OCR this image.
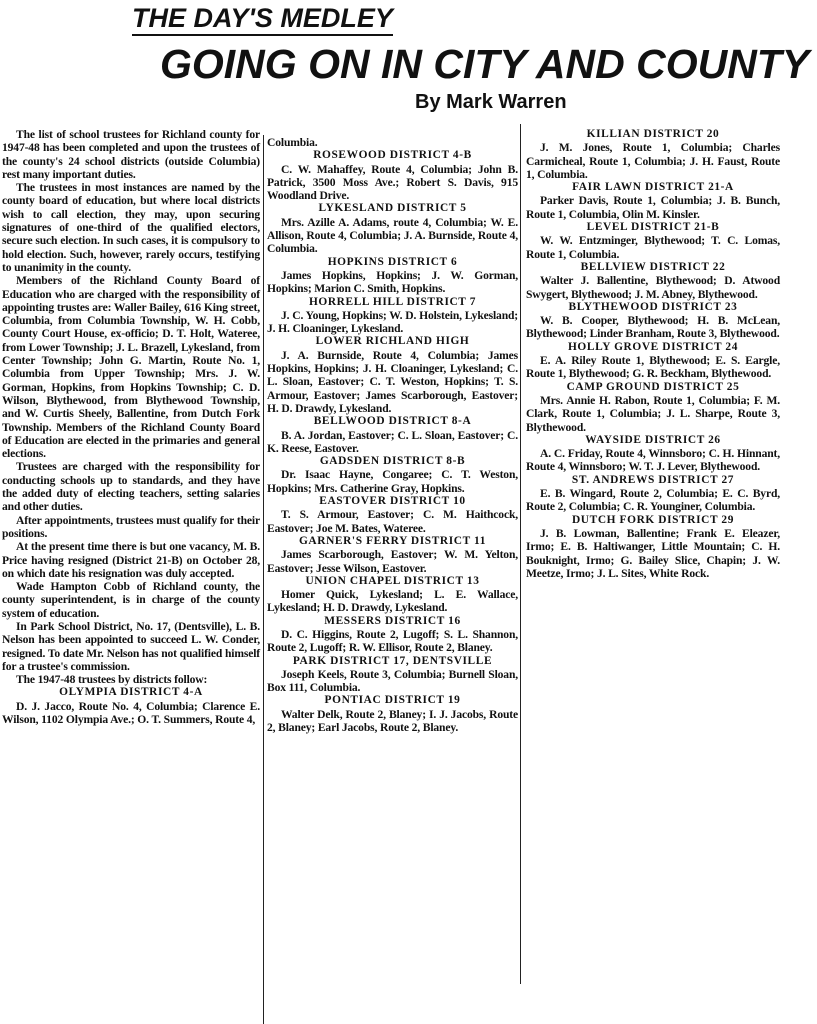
THE DAY'S MEDLEY
GOING ON IN CITY AND COUNTY
By Mark Warren

The list of school trustees for Richland county for 1947-48 has been completed and upon the trustees of the county's 24 school districts (outside Columbia) rest many important duties.

The trustees in most instances are named by the county board of education, but where local districts wish to call election, they may, upon securing signatures of one-third of the qualified electors, secure such election. In such cases, it is compulsory to hold election. Such, however, rarely occurs, testifying to unanimity in the county.

Members of the Richland County Board of Education who are charged with the responsibility of appointing trustes are: Waller Bailey, 616 King street, Columbia, from Columbia Township, W. H. Cobb, County Court House, ex-officio; D. T. Holt, Wateree, from Lower Township; J. L. Brazell, Lykesland, from Center Township; John G. Martin, Route No. 1, Columbia from Upper Township; Mrs. J. W. Gorman, Hopkins, from Hopkins Township; C. D. Wilson, Blythewood, from Blythewood Township, and W. Curtis Sheely, Ballentine, from Dutch Fork Township. Members of the Richland County Board of Education are elected in the primaries and general elections.

Trustees are charged with the responsibility for conducting schools up to standards, and they have the added duty of electing teachers, setting salaries and other duties.

After appointments, trustees must qualify for their positions.

At the present time there is but one vacancy, M. B. Price having resigned (District 21-B) on October 28, on which date his resignation was duly accepted.

Wade Hampton Cobb of Richland county, the county superintendent, is in charge of the county system of education.

In Park School District, No. 17, (Dentsville), L. B. Nelson has been appointed to succeed L. W. Conder, resigned. To date Mr. Nelson has not qualified himself for a trustee's commission.

The 1947-48 trustees by districts follow:

OLYMPIA DISTRICT 4-A
D. J. Jacco, Route No. 4, Columbia; Clarence E. Wilson, 1102 Olympia Ave.; O. T. Summers, Route 4,
Columbia.
ROSEWOOD DISTRICT 4-B
C. W. Mahaffey, Route 4, Columbia; John B. Patrick, 3500 Moss Ave.; Robert S. Davis, 915 Woodland Drive.
LYKESLAND DISTRICT 5
Mrs. Azille A. Adams, route 4, Columbia; W. E. Allison, Route 4, Columbia; J. A. Burnside, Route 4, Columbia.
HOPKINS DISTRICT 6
James Hopkins, Hopkins; J. W. Gorman, Hopkins; Marion C. Smith, Hopkins.
HORRELL HILL DISTRICT 7
J. C. Young, Hopkins; W. D. Holstein, Lykesland; J. H. Cloaninger, Lykesland.
LOWER RICHLAND HIGH
J. A. Burnside, Route 4, Columbia; James Hopkins, Hopkins; J. H. Cloaninger, Lykesland; C. L. Sloan, Eastover; C. T. Weston, Hopkins; T. S. Armour, Eastover; James Scarborough, Eastover; H. D. Drawdy, Lykesland.
BELLWOOD DISTRICT 8-A
B. A. Jordan, Eastover; C. L. Sloan, Eastover; C. K. Reese, Eastover.
GADSDEN DISTRICT 8-B
Dr. Isaac Hayne, Congaree; C. T. Weston, Hopkins; Mrs. Catherine Gray, Hopkins.
EASTOVER DISTRICT 10
T. S. Armour, Eastover; C. M. Haithcock, Eastover; Joe M. Bates, Wateree.
GARNER'S FERRY DISTRICT 11
James Scarborough, Eastover; W. M. Yelton, Eastover; Jesse Wilson, Eastover.
UNION CHAPEL DISTRICT 13
Homer Quick, Lykesland; L. E. Wallace, Lykesland; H. D. Drawdy, Lykesland.
MESSERS DISTRICT 16
D. C. Higgins, Route 2, Lugoff; S. L. Shannon, Route 2, Lugoff; R. W. Ellisor, Route 2, Blaney.
PARK DISTRICT 17, DENTSVILLE
Joseph Keels, Route 3, Columbia; Burnell Sloan, Box 111, Columbia.
PONTIAC DISTRICT 19
Walter Delk, Route 2, Blaney; I. J. Jacobs, Route 2, Blaney; Earl Jacobs, Route 2, Blaney.
KILLIAN DISTRICT 20
J. M. Jones, Route 1, Columbia; Charles Carmicheal, Route 1, Columbia; J. H. Faust, Route 1, Columbia.
FAIR LAWN DISTRICT 21-A
Parker Davis, Route 1, Columbia; J. B. Bunch, Route 1, Columbia, Olin M. Kinsler.
LEVEL DISTRICT 21-B
W. W. Entzminger, Blythewood; T. C. Lomas, Route 1, Columbia.
BELLVIEW DISTRICT 22
Walter J. Ballentine, Blythewood; D. Atwood Swygert, Blythewood; J. M. Abney, Blythewood.
BLYTHEWOOD DISTRICT 23
W. B. Cooper, Blythewood; H. B. McLean, Blythewood; Linder Branham, Route 3, Blythewood.
HOLLY GROVE DISTRICT 24
E. A. Riley Route 1, Blythewood; E. S. Eargle, Route 1, Blythewood; G. R. Beckham, Blythewood.
CAMP GROUND DISTRICT 25
Mrs. Annie H. Rabon, Route 1, Columbia; F. M. Clark, Route 1, Columbia; J. L. Sharpe, Route 3, Blythewood.
WAYSIDE DISTRICT 26
A. C. Friday, Route 4, Winnsboro; C. H. Hinnant, Route 4, Winnsboro; W. T. J. Lever, Blythewood.
ST. ANDREWS DISTRICT 27
E. B. Wingard, Route 2, Columbia; E. C. Byrd, Route 2, Columbia; C. R. Younginer, Columbia.
DUTCH FORK DISTRICT 29
J. B. Lowman, Ballentine; Frank E. Eleazer, Irmo; E. B. Haltiwanger, Little Mountain; C. H. Bouknight, Irmo; G. Bailey Slice, Chapin; J. W. Meetze, Irmo; J. L. Sites, White Rock.
